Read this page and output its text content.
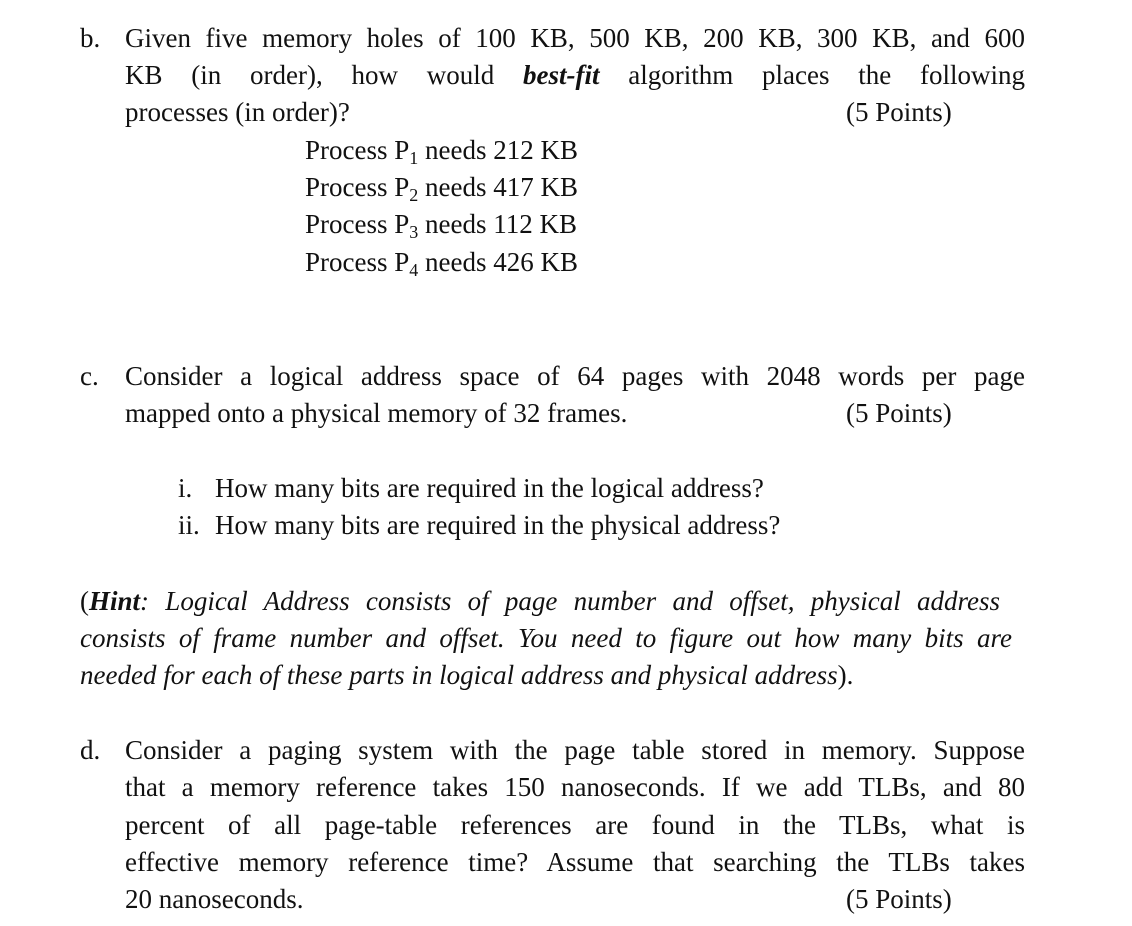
b. Given five memory holes of 100 KB, 500 KB, 200 KB, 300 KB, and 600
KB (in order), how would best-fit algorithm places the following
processes (in order)?	(5 Points)
Process $P_1$ needs 212 KB
Process $P_2$ needs 417 KB
Process $P_3$ needs 112 KB
Process $P_4$ needs 426 KB
c. Consider a logical address space of 64 pages with 2048 words per page
mapped onto a physical memory of 32 frames.	(5 Points)
i. How many bits are required in the logical address?
ii. How many bits are required in the physical address?
(Hint: Logical Address consists of page number and offset, physical address
consists of frame number and offset. You need to figure out how many bits are
needed for each of these parts in logical address and physical address).
d. Consider a paging system with the page table stored in memory. Suppose
that a memory reference takes 150 nanoseconds. If we add TLBs, and 80
percent of all page-table references are found in the TLBs, what is
effective memory reference time? Assume that searching the TLBs takes
20 nanoseconds.	(5 Points)
